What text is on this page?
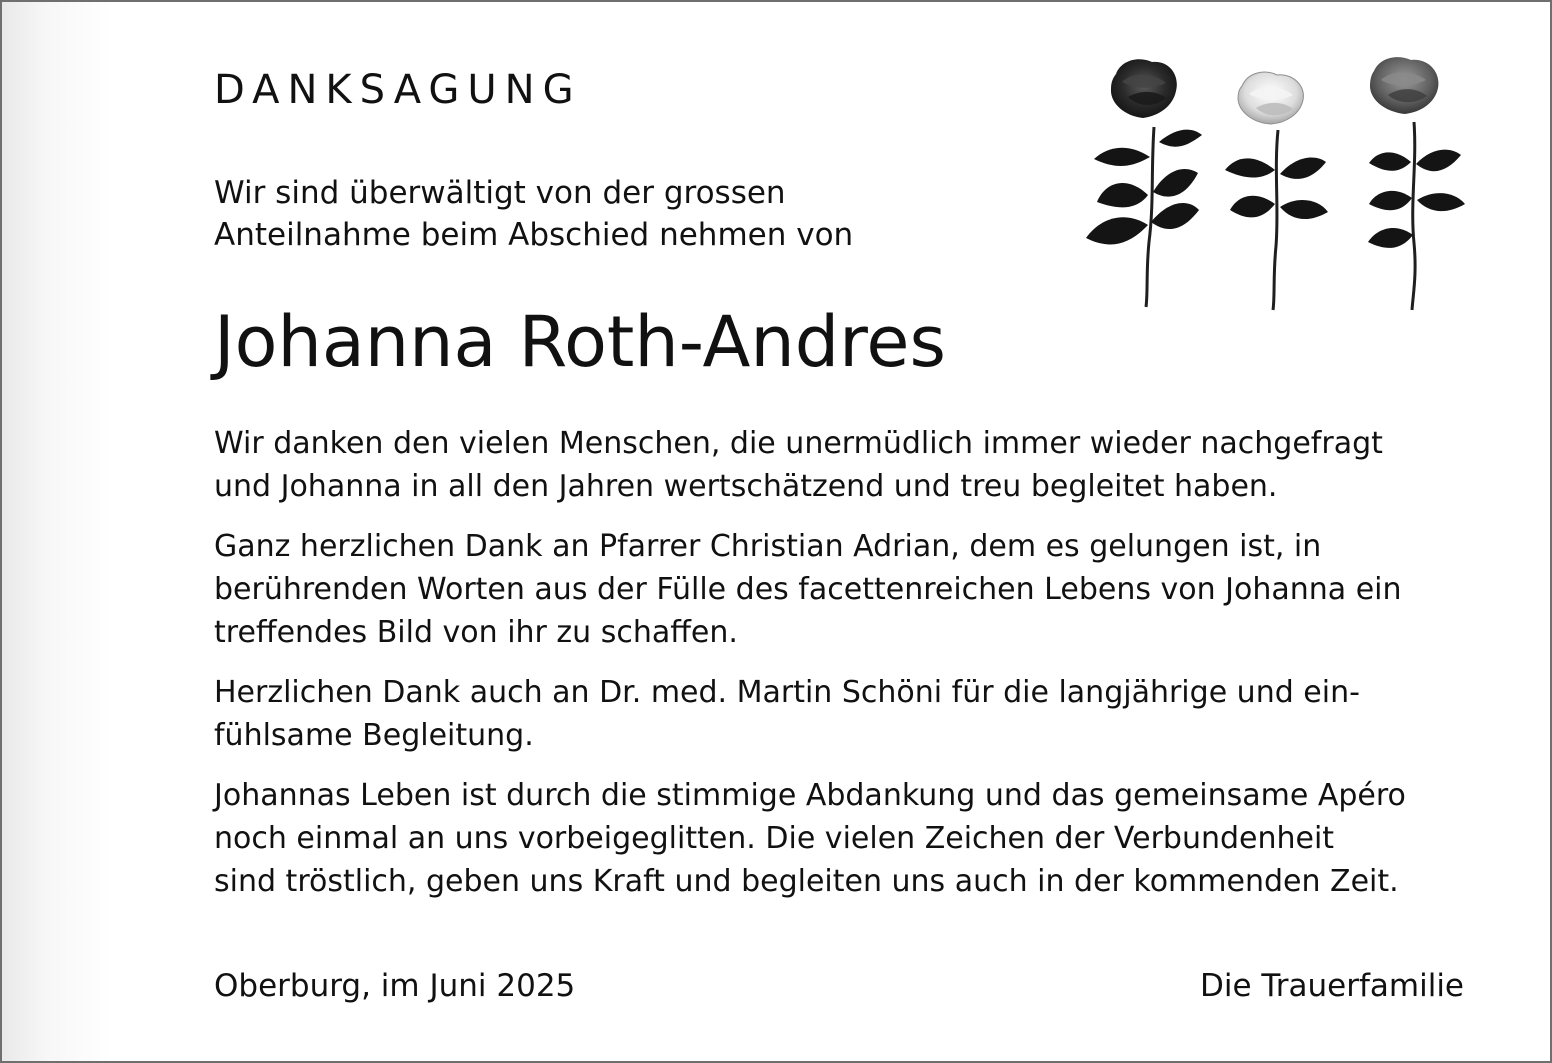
DANKSAGUNG
Wir sind überwältigt von der grossen
Anteilnahme beim Abschied nehmen von
Johanna Roth-Andres
Wir danken den vielen Menschen, die unermüdlich immer wieder nachgefragt
und Johanna in all den Jahren wertschätzend und treu begleitet haben.
Ganz herzlichen Dank an Pfarrer Christian Adrian, dem es gelungen ist, in
berührenden Worten aus der Fülle des facettenreichen Lebens von Johanna ein
treffendes Bild von ihr zu schaffen.
Herzlichen Dank auch an Dr. med. Martin Schöni für die langjährige und ein-
fühlsame Begleitung.
Johannas Leben ist durch die stimmige Abdankung und das gemeinsame Apéro
noch einmal an uns vorbeigeglitten. Die vielen Zeichen der Verbundenheit
sind tröstlich, geben uns Kraft und begleiten uns auch in der kommenden Zeit.
Oberburg, im Juni 2025	Die Trauerfamilie
